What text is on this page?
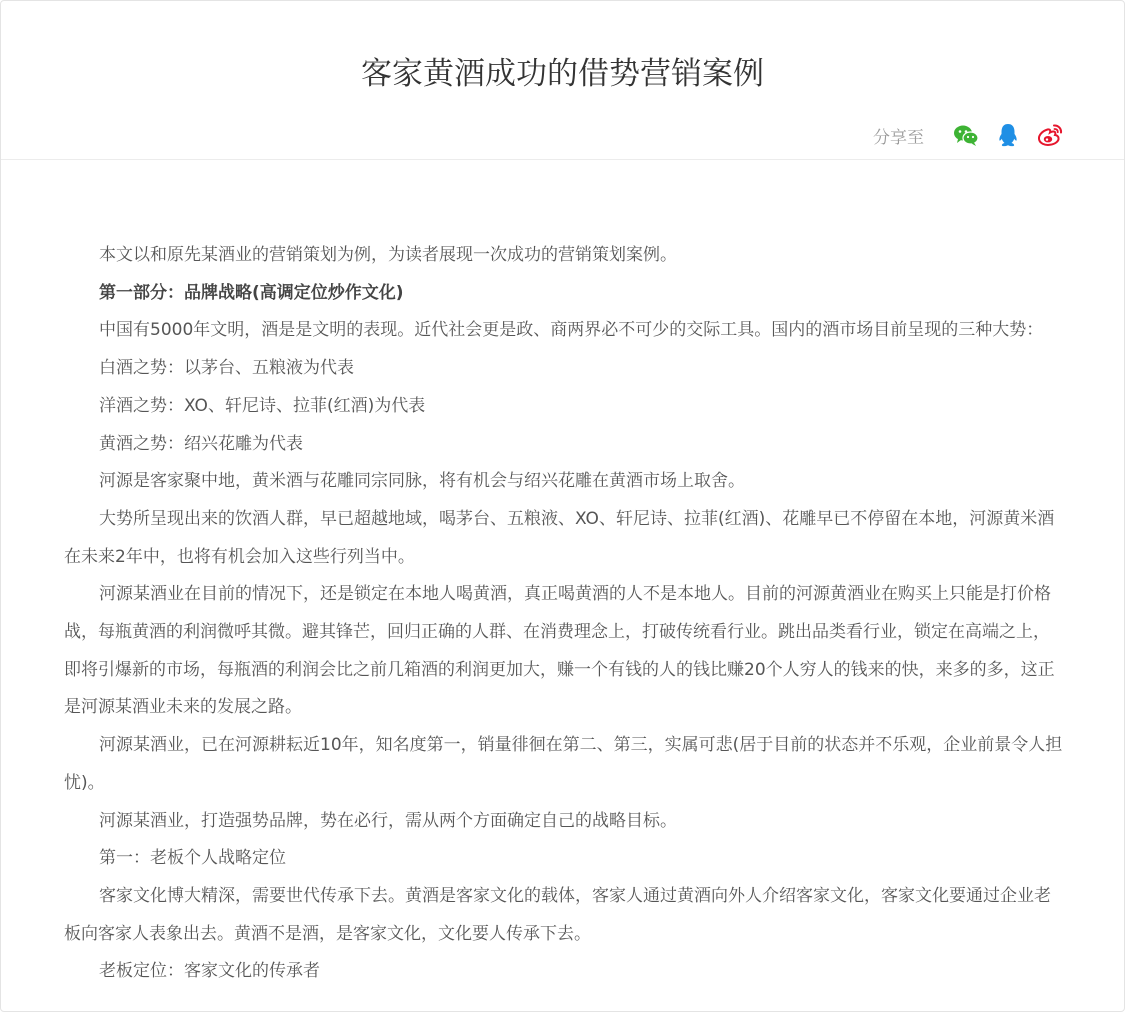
客家黄酒成功的借势营销案例
分享至

本文以和原先某酒业的营销策划为例，为读者展现一次成功的营销策划案例。

第一部分：品牌战略(高调定位炒作文化)

中国有5000年文明，酒是是文明的表现。近代社会更是政、商两界必不可少的交际工具。国内的酒市场目前呈现的三种大势：

白酒之势：以茅台、五粮液为代表

洋酒之势：XO、轩尼诗、拉菲(红酒)为代表

黄酒之势：绍兴花雕为代表

河源是客家聚中地，黄米酒与花雕同宗同脉，将有机会与绍兴花雕在黄酒市场上取舍。

大势所呈现出来的饮酒人群，早已超越地域，喝茅台、五粮液、XO、轩尼诗、拉菲(红酒)、花雕早已不停留在本地，河源黄米酒在未来2年中，也将有机会加入这些行列当中。

河源某酒业在目前的情况下，还是锁定在本地人喝黄酒，真正喝黄酒的人不是本地人。目前的河源黄酒业在购买上只能是打价格战，每瓶黄酒的利润微呼其微。避其锋芒，回归正确的人群、在消费理念上，打破传统看行业。跳出品类看行业，锁定在高端之上，即将引爆新的市场，每瓶酒的利润会比之前几箱酒的利润更加大，赚一个有钱的人的钱比赚20个人穷人的钱来的快，来多的多，这正是河源某酒业未来的发展之路。

河源某酒业，已在河源耕耘近10年，知名度第一，销量徘徊在第二、第三，实属可悲(居于目前的状态并不乐观，企业前景令人担忧)。

河源某酒业，打造强势品牌，势在必行，需从两个方面确定自己的战略目标。

第一：老板个人战略定位

客家文化博大精深，需要世代传承下去。黄酒是客家文化的载体，客家人通过黄酒向外人介绍客家文化，客家文化要通过企业老板向客家人表象出去。黄酒不是酒，是客家文化，文化要人传承下去。

老板定位：客家文化的传承者
